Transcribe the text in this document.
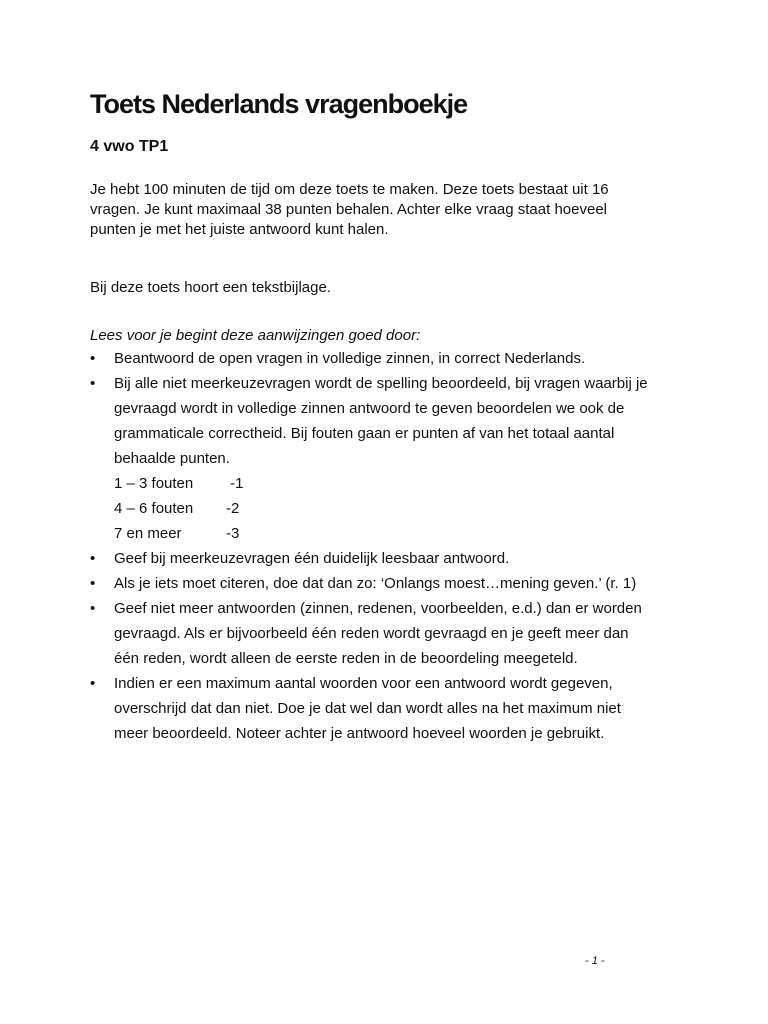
Toets Nederlands vragenboekje
4 vwo TP1
Je hebt 100 minuten de tijd om deze toets te maken. Deze toets bestaat uit 16
vragen. Je kunt maximaal 38 punten behalen. Achter elke vraag staat hoeveel
punten je met het juiste antwoord kunt halen.
Bij deze toets hoort een tekstbijlage.
Lees voor je begint deze aanwijzingen goed door:
•	Beantwoord de open vragen in volledige zinnen, in correct Nederlands.
•	Bij alle niet meerkeuzevragen wordt de spelling beoordeeld, bij vragen waarbij je
gevraagd wordt in volledige zinnen antwoord te geven beoordelen we ook de
grammaticale correctheid. Bij fouten gaan er punten af van het totaal aantal
behaalde punten.
1 – 3 fouten	-1
4 – 6 fouten	-2
7 en meer	-3
•	Geef bij meerkeuzevragen één duidelijk leesbaar antwoord.
•	Als je iets moet citeren, doe dat dan zo: ‘Onlangs moest…mening geven.’ (r. 1)
•	Geef niet meer antwoorden (zinnen, redenen, voorbeelden, e.d.) dan er worden
gevraagd. Als er bijvoorbeeld één reden wordt gevraagd en je geeft meer dan
één reden, wordt alleen de eerste reden in de beoordeling meegeteld.
•	Indien er een maximum aantal woorden voor een antwoord wordt gegeven,
overschrijd dat dan niet. Doe je dat wel dan wordt alles na het maximum niet
meer beoordeeld. Noteer achter je antwoord hoeveel woorden je gebruikt.
- 1 -
